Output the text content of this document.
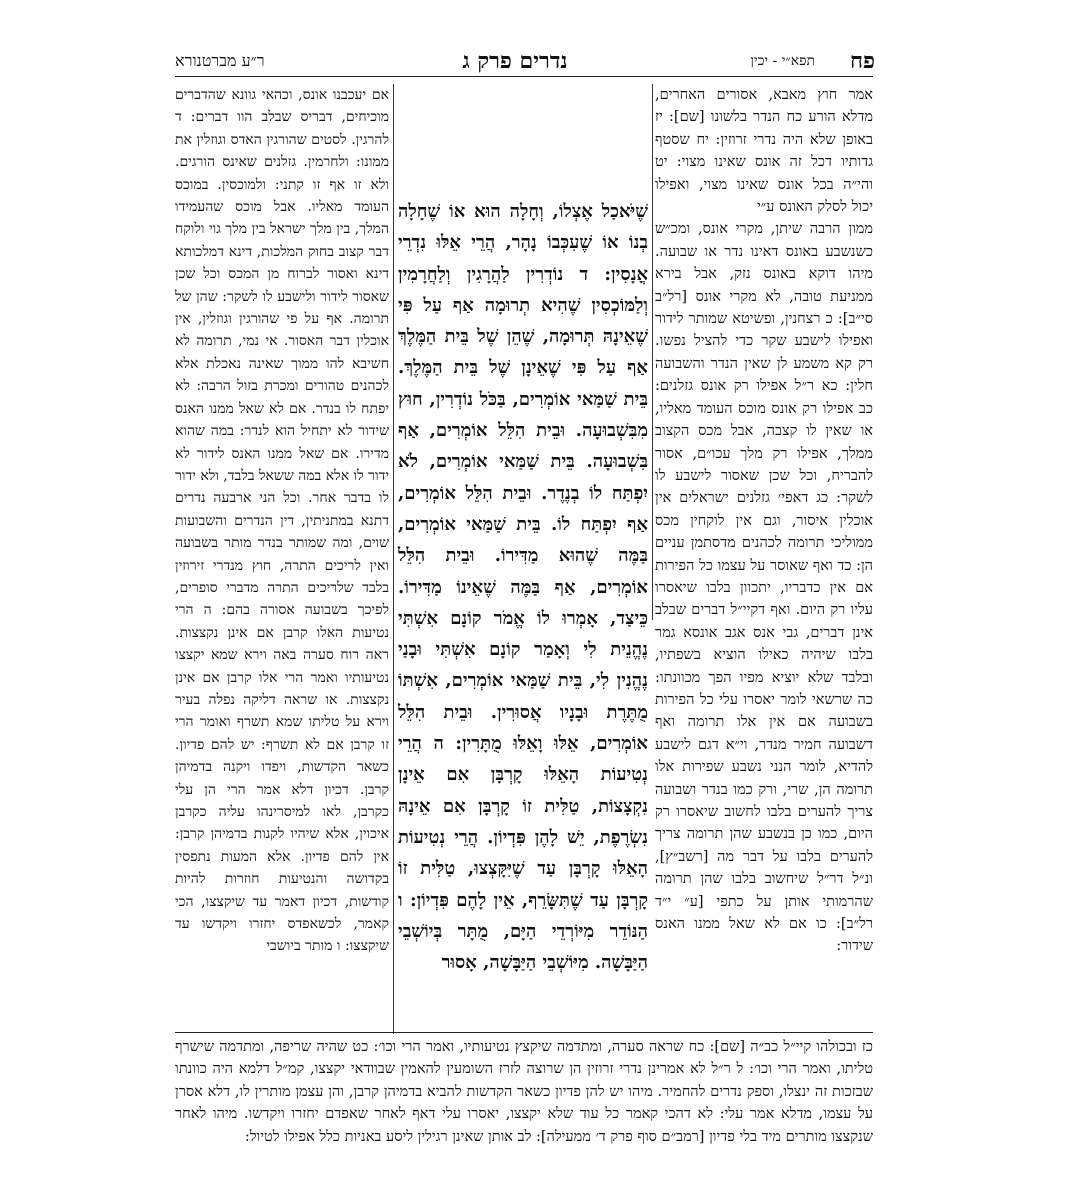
פח
תפא״י - יכין
נדרים פרק ג
ר״ע מברטנורא

אמר חוץ מאבא, אסורים האחרים, מדלא הורע כח הנדר בלשונו [שם]: יז באופן שלא היה נדרי זרוזין: יח שסטף גדותיו דכל זה אונס שאינו מצוי: יט והי״ה בכל אונס שאינו מצוי, ואפילו יכול לסלק האונס ע״י

ממון הרבה שיתן, מקרי אונס, ומכ״ש כשנשבע באונס דאינו נדר או שבועה. מיהו דוקא באונס נזק, אבל בירא ממניעת טובה, לא מקרי אונס [רל״ב סי״ב]: כ רצחנין, ופשיטא שמותר לידור ואפילו לישבע שקר כדי להציל נפשו. רק קא משמע לן שאין הנדר והשבועה חלין: כא ר״ל אפילו רק אונס גזלנים: כב אפילו רק אונס מוכס העומד מאליו, או שאין לו קצבה, אבל מכס הקצוב ממלך, אפילו רק מלך עכו״ם, אסור להבריח, וכל שכן שאסור לישבע לו לשקר: כג דאפי׳ גזלנים ישראלים אין אוכלין איסור, וגם אין לוקחין מכס ממוליכי תרומה לכהנים מדסתמן עניים הן: כד ואף שאוסר על עצמו כל הפירות אם אין כדבריו, יתכוון בלבו שיאסרו עליו רק היום. ואף דקיי״ל דברים שבלב אינן דברים, גבי אנס אגב אונסא גמר בלבו שיהיה כאילו הוציא בשפתיו, ובלבד שלא יוציא מפיו הפך מכוונתו: כה שרשאי לומר יאסרו עלי כל הפירות בשבועה אם אין אלו תרומה ואף דשבועה חמיר מנדר, וי״א דגם לישבע להדיא, לומר הנני נשבע שפירות אלו תרומה הן, שרי, ורק כמו בנדר ושבועה צריך להערים בלבו לחשוב שיאסרו רק היום, כמו כן בנשבע שהן תרומה צריך להערים בלבו על דבר מה [רשב״ץ], ונ״ל דר״ל שיחשוב בלבו שהן תרומה שהרמותי אותן על כתפי [ע״ י״ד רל״ב]: כו אם לא שאל ממנו האנס שידור:

שֶׁיֹּאכַל אֶצְלוֹ, וְחָלָה הוּא אוֹ שֶׁחָלָה בְנוֹ אוֹ שֶׁעִכְּבוֹ נָהָר, הֲרֵי אֵלּוּ נִדְרֵי אֳנָסִין: ד נוֹדְרִין לַהֲרָגִין וְלַחֲרָמִין וְלַמּוֹכְסִין שֶׁהִיא תְרוּמָה אַף עַל פִּי שֶׁאֵינָהּ תְּרוּמָה, שֶׁהֵן שֶׁל בֵּית הַמֶּלֶךְ אַף עַל פִּי שֶׁאֵינָן שֶׁל בֵּית הַמֶּלֶךְ. בֵּית שַׁמַּאי אוֹמְרִים, בַּכֹּל נוֹדְרִין, חוּץ מִבִּשְׁבוּעָה. וּבֵית הִלֵּל אוֹמְרִים, אַף בִּשְׁבוּעָה. בֵּית שַׁמַּאי אוֹמְרִים, לֹא יִפְתַּח לוֹ בְנֶדֶר. וּבֵית הִלֵּל אוֹמְרִים, אַף יִפְתַּח לוֹ. בֵּית שַׁמַּאי אוֹמְרִים, בַּמֶּה שֶׁהוּא מַדִּירוֹ. וּבֵית הִלֵּל אוֹמְרִים, אַף בַּמֶּה שֶׁאֵינוֹ מַדִּירוֹ. כֵּיצַד, אָמְרוּ לוֹ אֱמֹר קוֹנָם אִשְׁתִּי נֶהֱנֵית לִי וְאָמַר קוֹנָם אִשְׁתִּי וּבָנַי נֶהֱנִין לִי, בֵּית שַׁמַּאי אוֹמְרִים, אִשְׁתּוֹ מֻתֶּרֶת וּבָנָיו אֲסוּרִין. וּבֵית הִלֵּל אוֹמְרִים, אֵלּוּ וָאֵלּוּ מֻתָּרִין: ה הֲרֵי נְטִיעוֹת הָאֵלּוּ קָרְבָּן אִם אֵינָן נִקְצָצוֹת, טַלִּית זוֹ קָרְבָּן אִם אֵינָהּ נִשְׂרֶפֶת, יֵשׁ לָהֶן פִּדְיוֹן. הֲרֵי נְטִיעוֹת הָאֵלּוּ קָרְבָּן עַד שֶׁיִּקָּצְצוּ, טַלִּית זוֹ קָרְבָּן עַד שֶׁתִּשָּׂרֵף, אֵין לָהֶם פִּדְיוֹן: ו הַנּוֹדֵר מִיּוֹרְדֵי הַיָּם, מֻתָּר בְּיוֹשְׁבֵי הַיַּבָּשָׁה. מִיּוֹשְׁבֵי הַיַּבָּשָׁה, אָסוּר

אם יעכבנו אונס, וכהאי גוונא שהדברים מוכיחים, דבריס שבלב הוו דברים: ד להרגין. לסטים שהורגין האדס וגוזלין את ממונו: ולחרמין. גזלנים שאינס הורגים. ולא זו אף זו קתני: ולמוכסין. במוכס העומד מאליו. אבל מוכס שהעמידו המלך, בין מלך ישראל בין מלך גוי ולוקח דבר קצוב בחוק המלכות, דינא דמלכותא דינא ואסור לברוח מן המכס וכל שכן שאסור לידור ולישבע לו לשקר: שהן של תרומה. אף על פי שהורגין וגוזלין, אין אוכלין דבר האסור. אי נמי, תרומה לא חשיבא להו ממוך שאינה נאכלת אלא לכהנים טהורים ומכרת בזול הרבה: לא יפתח לו בנדר. אם לא שאל ממנו האנס שידור לא יתחיל הוא לנדר: במה שהוא מדירו. אם שאל ממנו האנס לידור לא ידור לו אלא במה ששאל בלבד, ולא ידור לו בדבר אחר. וכל הני ארבעה נדרים דתנא במתניתין, דין הנדרים והשבועות שוים, ומה שמותר בנדר מותר בשבועה ואין לריכים התרה, חוץ מנדרי זירוזין בלבד שלריכים התרה מדברי סופרים, לפיכך בשבועה אסורה בהם: ה הרי נטיעות האלו קרבן אם אינן נקצצות. ראה רוח סערה באה וירא שמא יקצצו נטיעותיו ואמר הרי אלו קרבן אם אינן נקצצות. או שראה דליקה נפלה בעיר וירא על טליתו שמא תשרף ואומר הרי זו קרבן אם לא תשרף: יש להם פדיון. כשאר הקדשות, ויפדו ויקנה בדמיהן קרבן. דכיון דלא אמר הרי הן עלי כקרבן, לאו למיסרינהו עליה כקרבן איכוין, אלא שיהיו לקנות בדמיהן קרבן: אין להם פדיון. אלא המעות נתפסין בקדושה והנטיעות חוזרות להיות קודשות, דכיון דאמר עד שיקצצו, הכי קאמר, לכשאפדס יחזרו ויקדשו עד שיקצצו: ו מותר ביושבי

כז ובכולהו קיי״ל כב״ה [שם]: כח שראה סערה, ומתדמה שיקצץ נטיעותיו, ואמר הרי וכו׳: כט שהיה שריפה, ומתדמה שישרף טליתו, ואמר הרי וכו׳: ל ר״ל לא אמרינן נדרי זרוזין הן שרוצה לזרז השומעין להאמין שבוודאי יקצצו, קמ״ל דלמא היה כוונתו שבזכות זה ינצלו, וספק נדרים להחמיר. מיהו יש להן פדיון כשאר הקדשות להביא בדמיהן קרבן, והן עצמן מותרין לו, דלא אסרן על עצמו, מדלא אמר עלי: לא דהכי קאמר כל עוד שלא יקצצו, יאסרו עלי דאף לאחר שאפדם יחזרו ויקדשו. מיהו לאחר שנקצצו מותרים מיד בלי פדיון [רמב״ם סוף פרק ד׳ ממעילה]: לב אותן שאינן רגילין ליסע באניות כלל אפילו לטיול:
